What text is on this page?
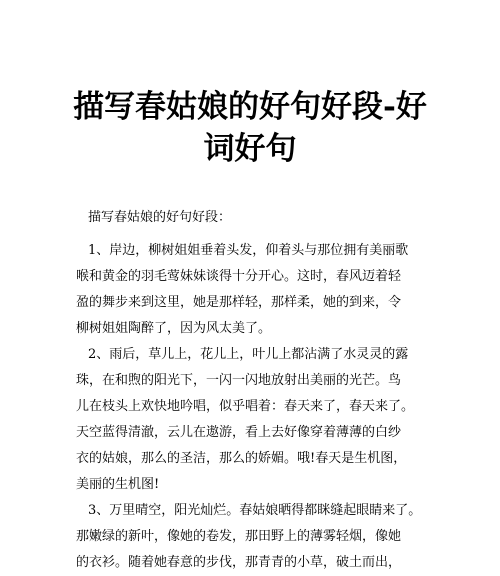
描写春姑娘的好句好段-好
词好句

描写春姑娘的好句好段：

1、岸边，柳树姐姐垂着头发，仰着头与那位拥有美丽歌
喉和黄金的羽毛莺妹妹谈得十分开心。这时，春风迈着轻
盈的舞步来到这里，她是那样轻，那样柔，她的到来，令
柳树姐姐陶醉了，因为风太美了。

2、雨后，草儿上，花儿上，叶儿上都沾满了水灵灵的露
珠，在和煦的阳光下，一闪一闪地放射出美丽的光芒。鸟
儿在枝头上欢快地吟唱，似乎唱着：春天来了，春天来了。
天空蓝得清澈，云儿在遨游，看上去好像穿着薄薄的白纱
衣的姑娘，那么的圣洁，那么的娇媚。哦!春天是生机图，
美丽的生机图!

3、万里晴空，阳光灿烂。春姑娘晒得都眯缝起眼睛来了。
那嫩绿的新叶，像她的卷发，那田野上的薄雾轻烟，像她
的衣衫。随着她春意的步伐，那青青的小草，破土而出，
